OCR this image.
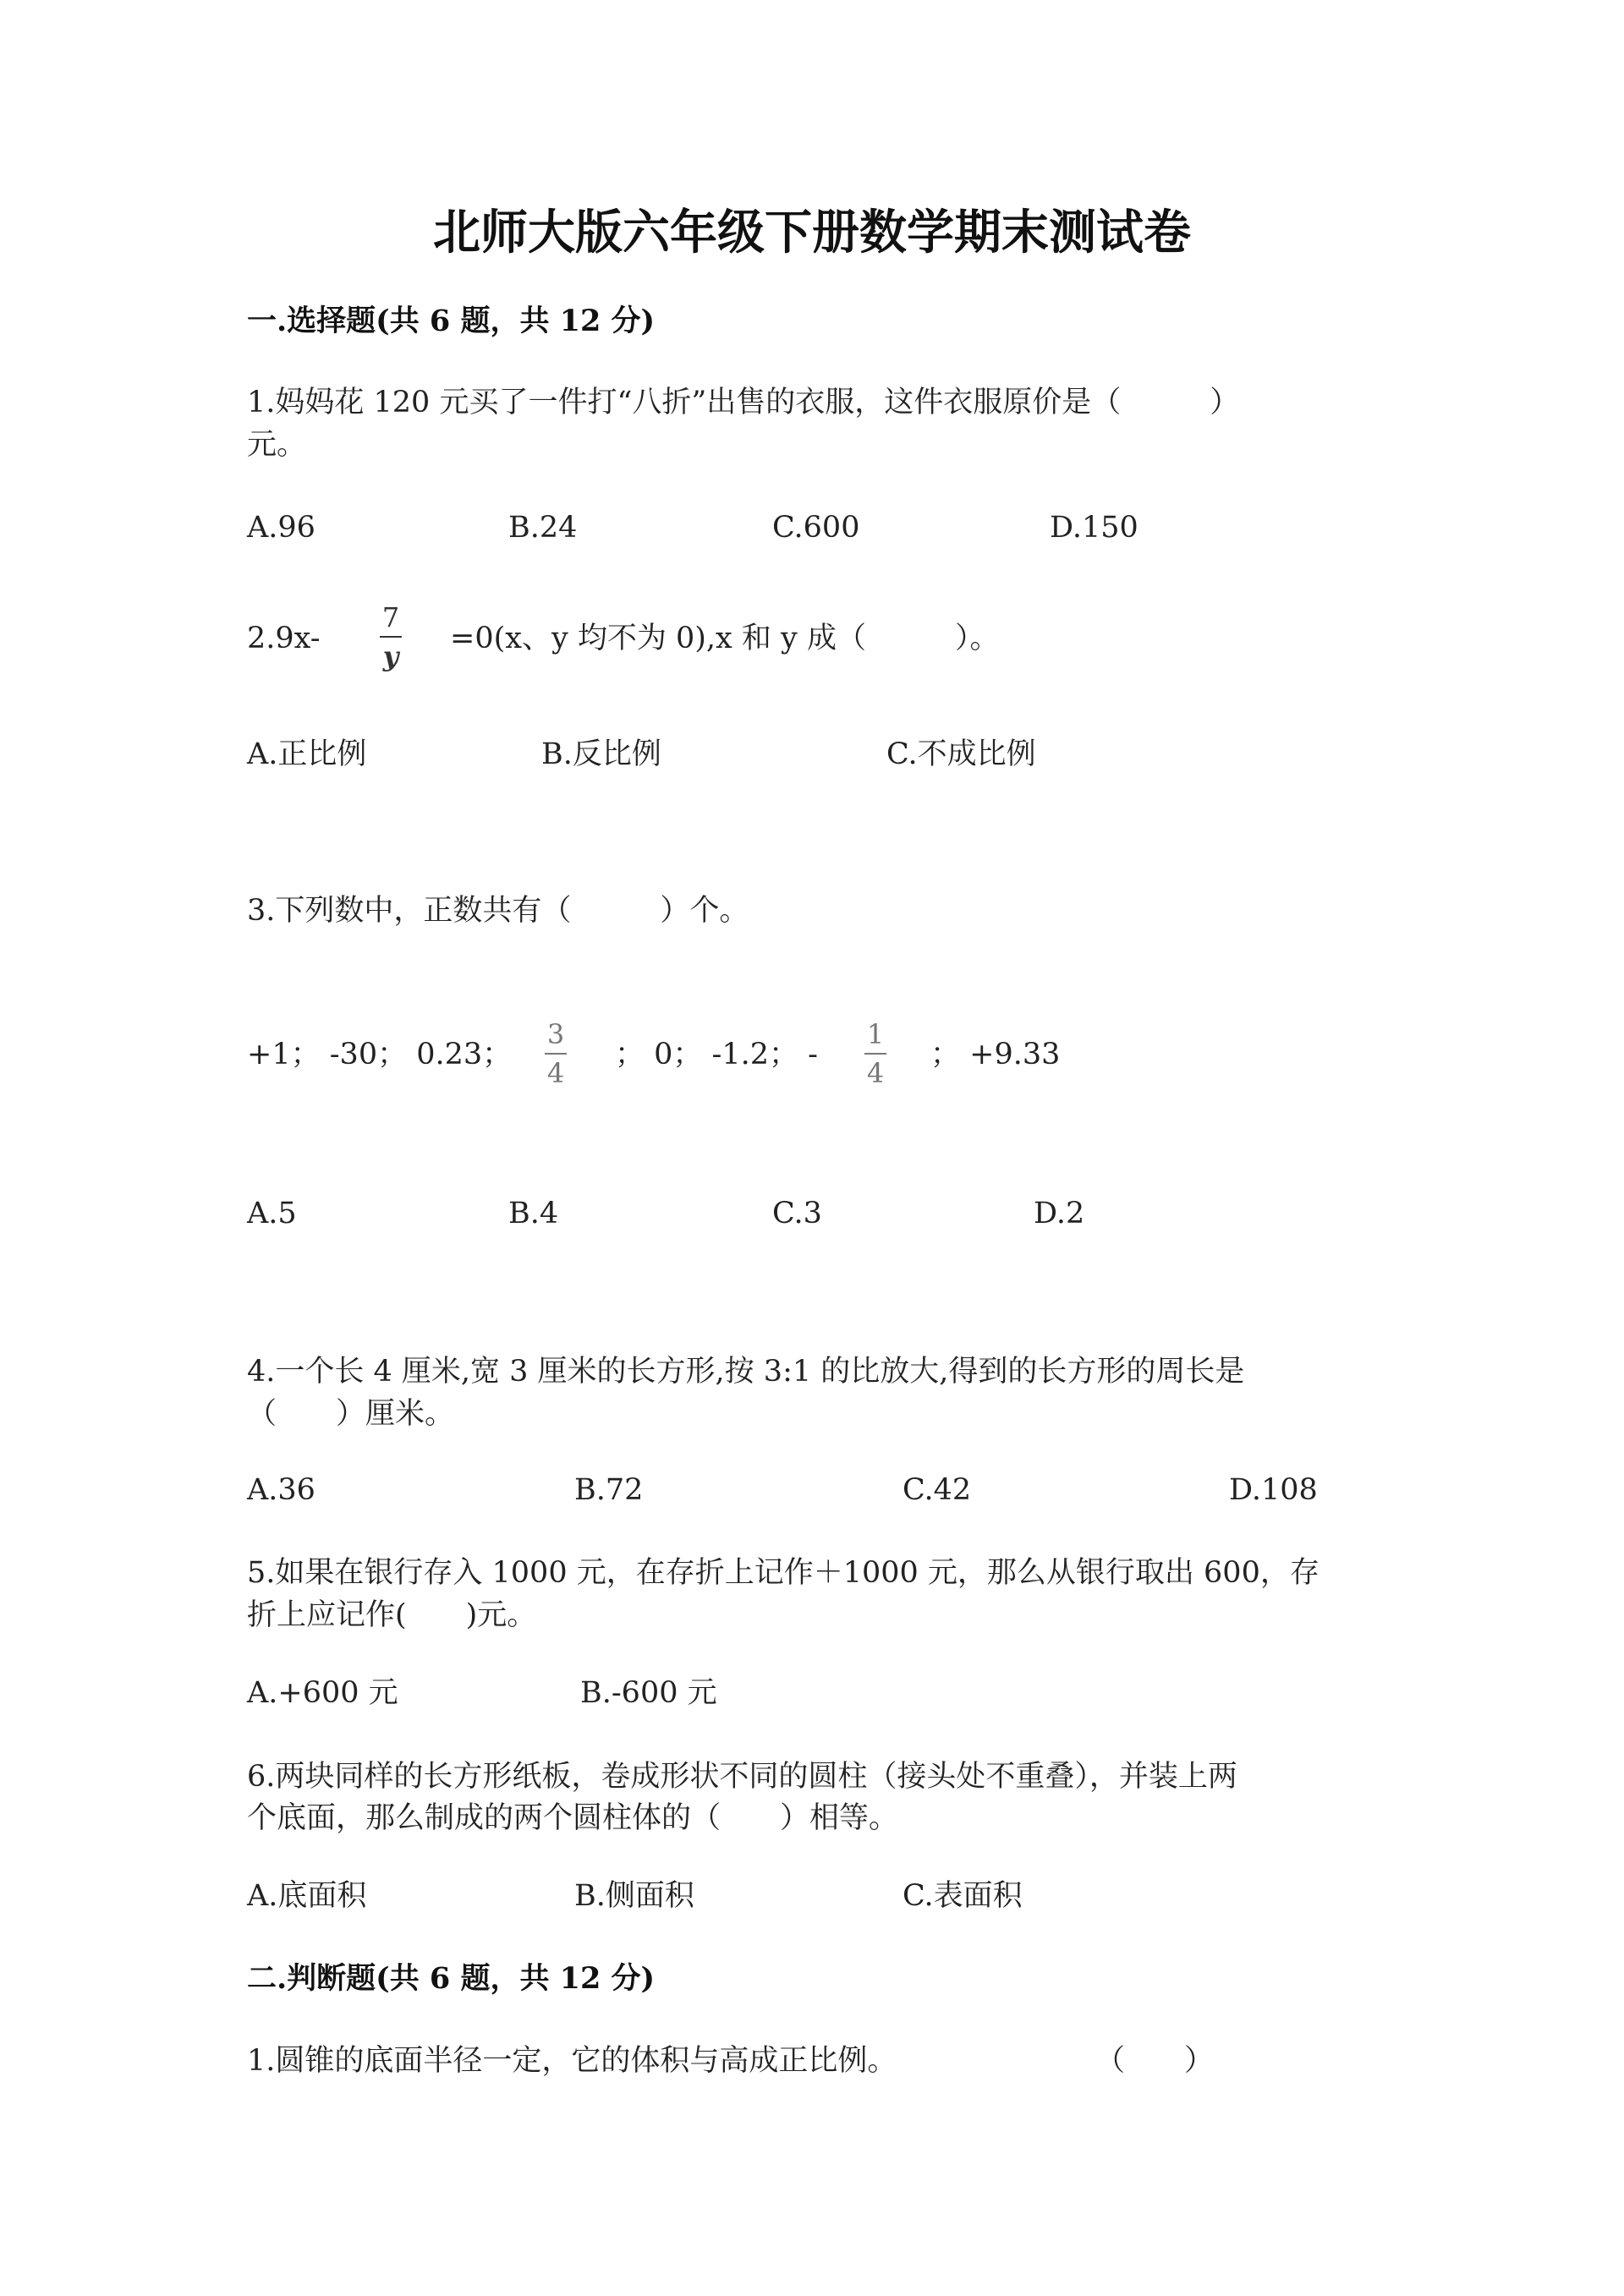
北师大版六年级下册数学期末测试卷
一.选择题(共 6 题，共 12 分)
1.妈妈花 120 元买了一件打“八折”出售的衣服，这件衣服原价是（　　　）
元。
A.96	B.24	C.600	D.150
2.9x-
7
y
=0(x、y 均不为 0),x 和 y 成（　　　）。
A.正比例	B.反比例	C.不成比例
3.下列数中，正数共有（　　　）个。
+1； -30； 0.23；
3
4
； 0； -1.2； -
1
4
； +9.33
A.5	B.4	C.3	D.2
4.一个长 4 厘米,宽 3 厘米的长方形,按 3:1 的比放大,得到的长方形的周长是
（　　）厘米。
A.36	B.72	C.42	D.108
5.如果在银行存入 1000 元，在存折上记作＋1000 元，那么从银行取出 600，存
折上应记作(　　)元。
A.+600 元	B.-600 元
6.两块同样的长方形纸板，卷成形状不同的圆柱（接头处不重叠），并装上两
个底面，那么制成的两个圆柱体的（　　）相等。
A.底面积	B.侧面积	C.表面积
二.判断题(共 6 题，共 12 分)
1.圆锥的底面半径一定，它的体积与高成正比例。	（　　）
